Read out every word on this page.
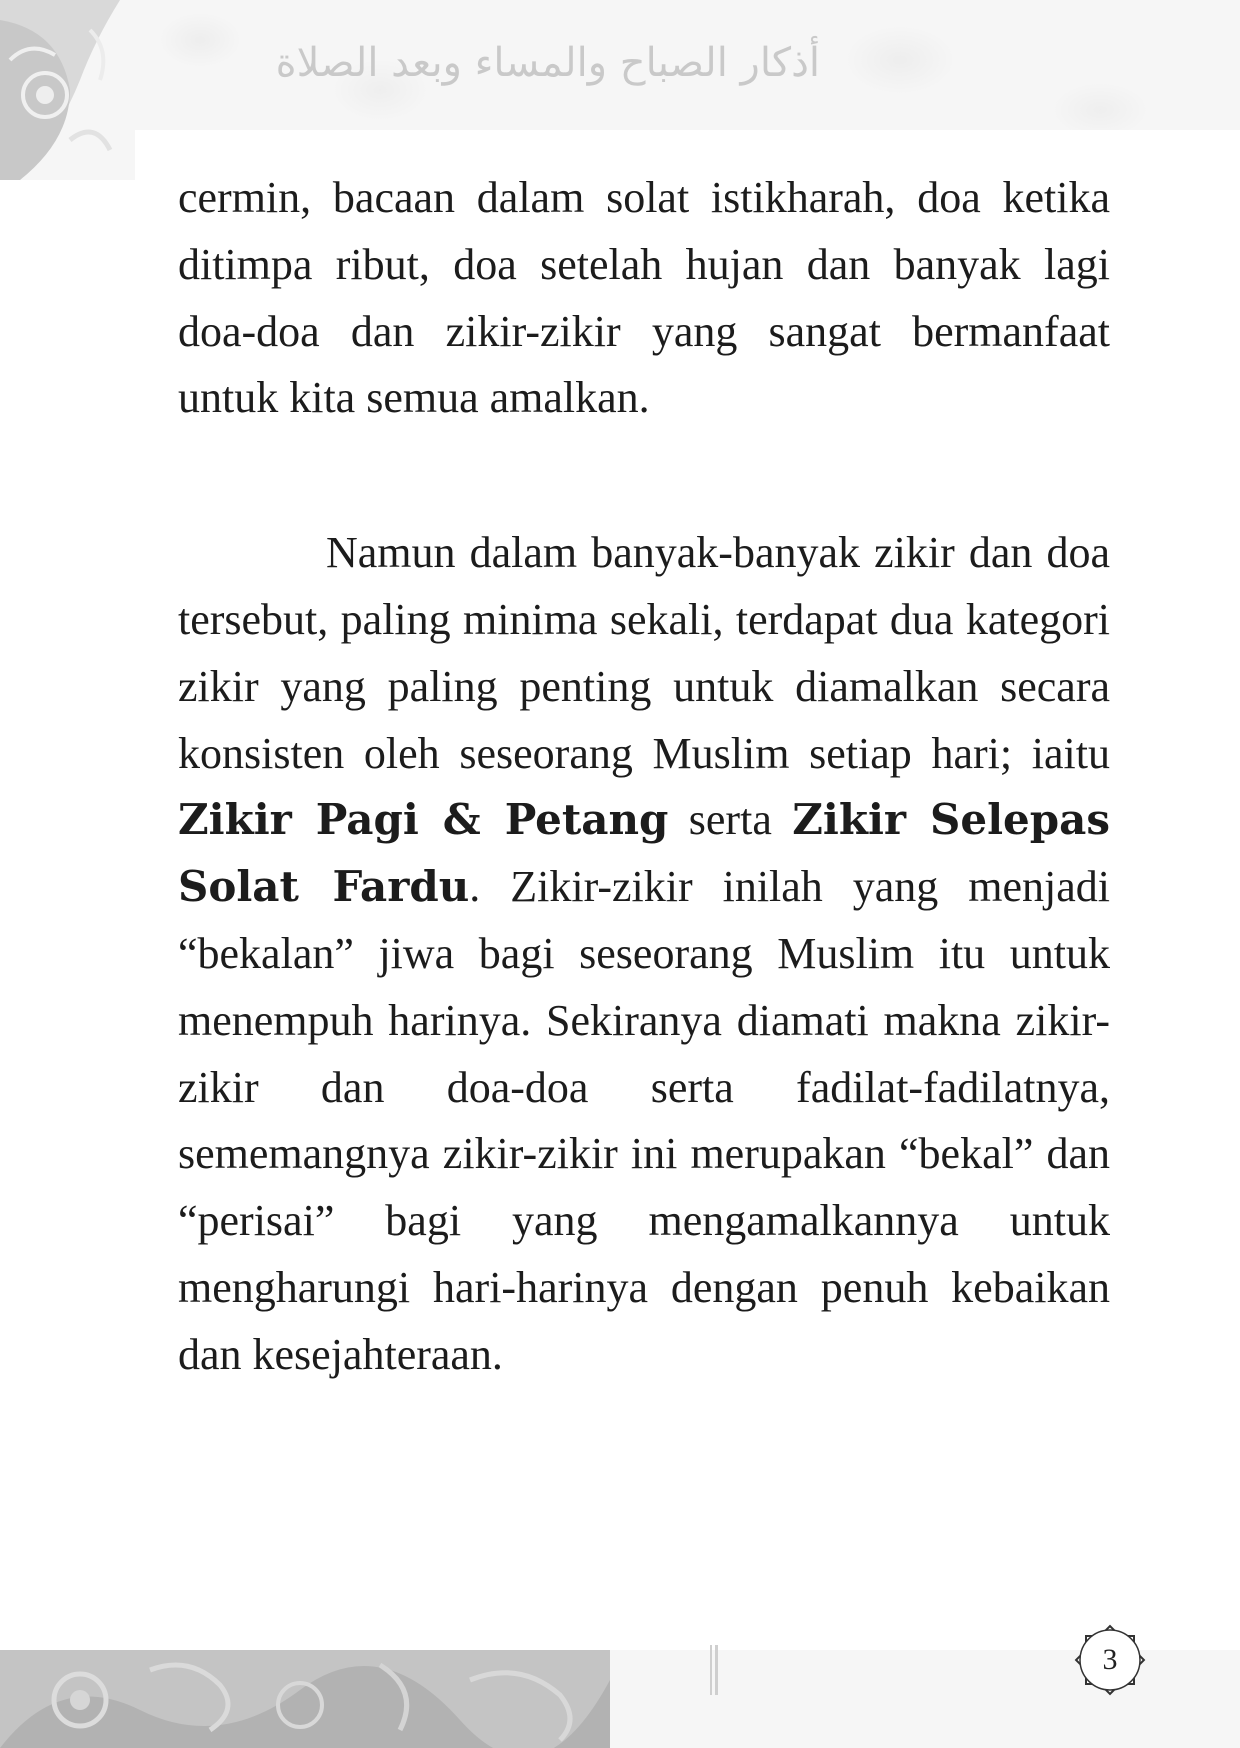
أذكار الصباح والمساء وبعد الصلاة

cermin, bacaan dalam solat istikharah, doa ketika ditimpa ribut, doa setelah hujan dan banyak lagi doa-doa dan zikir-zikir yang sangat bermanfaat untuk kita semua amalkan.

Namun dalam banyak-banyak zikir dan doa tersebut, paling minima sekali, terdapat dua kategori zikir yang paling penting untuk diamalkan secara konsisten oleh seseorang Muslim setiap hari; iaitu Zikir Pagi & Petang serta Zikir Selepas Solat Fardu. Zikir-zikir inilah yang menjadi “bekalan” jiwa bagi seseorang Muslim itu untuk menempuh harinya. Sekiranya diamati makna zikir-zikir dan doa-doa serta fadilat-fadilatnya, sememangnya zikir-zikir ini merupakan “bekal” dan “perisai” bagi yang mengamalkannya untuk mengharungi hari-harinya dengan penuh kebaikan dan kesejahteraan.

3
